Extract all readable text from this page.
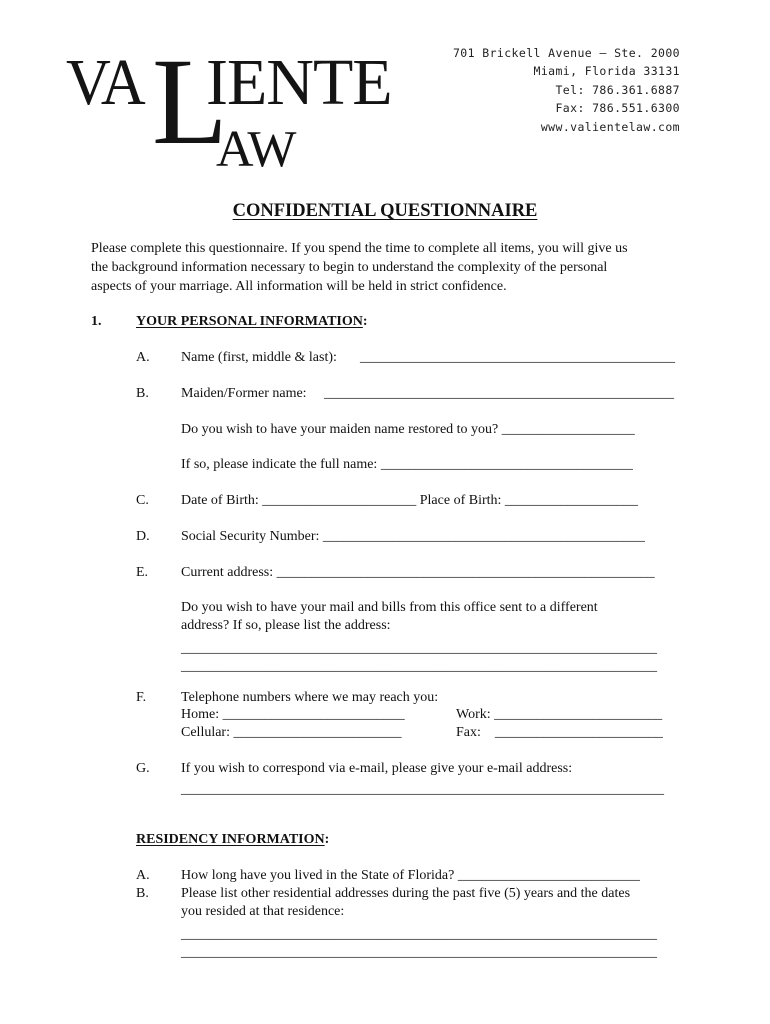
VA L
IENTE
AW
701 Brickell Avenue – Ste. 2000
Miami, Florida 33131
Tel: 786.361.6887
Fax: 786.551.6300
www.valientelaw.com
CONFIDENTIAL QUESTIONNAIRE
Please complete this questionnaire. If you spend the time to complete all items, you will give us
the background information necessary to begin to understand the complexity of the personal
aspects of your marriage. All information will be held in strict confidence.
1. YOUR PERSONAL INFORMATION:
A. Name (first, middle & last): _____________________________________________
B. Maiden/Former name: __________________________________________________
Do you wish to have your maiden name restored to you? ___________________
If so, please indicate the full name: ____________________________________
C. Date of Birth: ______________________ Place of Birth: ___________________
D. Social Security Number: ______________________________________________
E. Current address: ______________________________________________________
Do you wish to have your mail and bills from this office sent to a different
address? If so, please list the address:
____________________________________________________________________
____________________________________________________________________
F. Telephone numbers where we may reach you:
Home: __________________________	Work: ________________________
Cellular: ________________________	Fax:    ________________________
G. If you wish to correspond via e-mail, please give your e-mail address:
_____________________________________________________________________
RESIDENCY INFORMATION:
A. How long have you lived in the State of Florida? __________________________
B. Please list other residential addresses during the past five (5) years and the dates
you resided at that residence:
____________________________________________________________________
____________________________________________________________________
